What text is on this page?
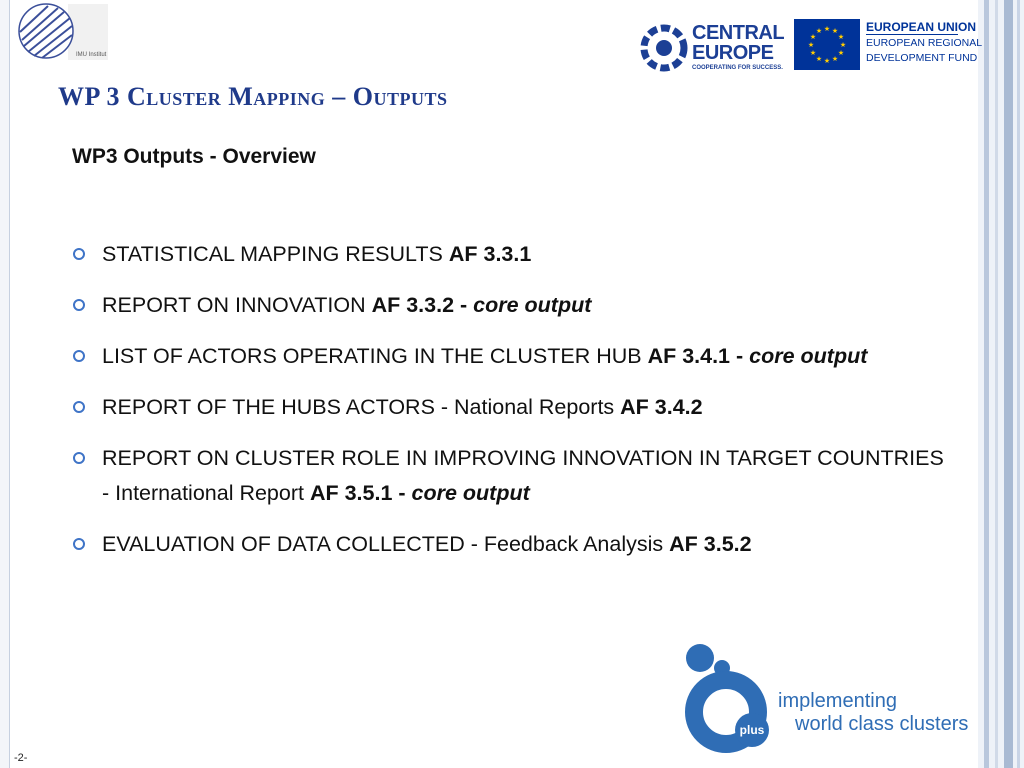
IMU Institut
CENTRAL
EUROPE
COOPERATING FOR SUCCESS.
★ ★
★
★
★
★
★
★
★
★
★
★	EUROPEAN UNION
EUROPEAN REGIONAL
DEVELOPMENT FUND
WP 3 Cluster Mapping – Outputs
WP3 Outputs - Overview
STATISTICAL MAPPING RESULTS AF 3.3.1
REPORT ON INNOVATION AF 3.3.2 - core output
LIST OF ACTORS OPERATING IN THE CLUSTER HUB AF 3.4.1 - core output
REPORT OF THE HUBS ACTORS - National Reports AF 3.4.2
REPORT ON CLUSTER ROLE IN IMPROVING INNOVATION IN TARGET COUNTRIES - International Report AF 3.5.1 - core output
EVALUATION OF DATA COLLECTED - Feedback Analysis AF 3.5.2
plus
implementing
world class clusters
-2-
